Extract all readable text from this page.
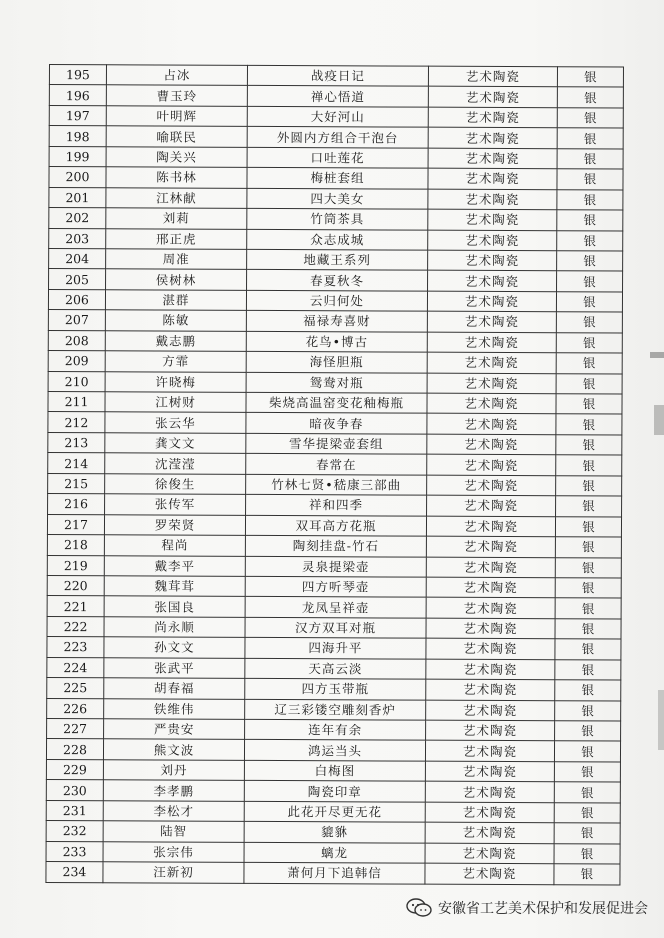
195	占冰	战疫日记	艺术陶瓷	银
196	曹玉玲	禅心悟道	艺术陶瓷	银
197	叶明辉	大好河山	艺术陶瓷	银
198	喻联民	外圆内方组合干泡台	艺术陶瓷	银
199	陶关兴	口吐莲花	艺术陶瓷	银
200	陈书林	梅桩套组	艺术陶瓷	银
201	江林献	四大美女	艺术陶瓷	银
202	刘莉	竹筒茶具	艺术陶瓷	银
203	邢正虎	众志成城	艺术陶瓷	银
204	周准	地藏王系列	艺术陶瓷	银
205	侯树林	春夏秋冬	艺术陶瓷	银
206	湛群	云归何处	艺术陶瓷	银
207	陈敏	福禄寿喜财	艺术陶瓷	银
208	戴志鹏	花鸟•博古	艺术陶瓷	银
209	方霏	海怪胆瓶	艺术陶瓷	银
210	许晓梅	鸳鸯对瓶	艺术陶瓷	银
211	江树财	柴烧高温窑变花釉梅瓶	艺术陶瓷	银
212	张云华	暗夜争春	艺术陶瓷	银
213	龚文文	雪华提梁壶套组	艺术陶瓷	银
214	沈滢滢	春常在	艺术陶瓷	银
215	徐俊生	竹林七贤•嵇康三部曲	艺术陶瓷	银
216	张传军	祥和四季	艺术陶瓷	银
217	罗荣贤	双耳高方花瓶	艺术陶瓷	银
218	程尚	陶刻挂盘-竹石	艺术陶瓷	银
219	戴李平	灵泉提梁壶	艺术陶瓷	银
220	魏茸茸	四方听琴壶	艺术陶瓷	银
221	张国良	龙凤呈祥壶	艺术陶瓷	银
222	尚永顺	汉方双耳对瓶	艺术陶瓷	银
223	孙文文	四海升平	艺术陶瓷	银
224	张武平	天高云淡	艺术陶瓷	银
225	胡春福	四方玉带瓶	艺术陶瓷	银
226	铁维伟	辽三彩镂空雕刻香炉	艺术陶瓷	银
227	严贵安	连年有余	艺术陶瓷	银
228	熊文波	鸿运当头	艺术陶瓷	银
229	刘丹	白梅图	艺术陶瓷	银
230	李孝鹏	陶瓷印章	艺术陶瓷	银
231	李松才	此花开尽更无花	艺术陶瓷	银
232	陆智	貔貅	艺术陶瓷	银
233	张宗伟	螭龙	艺术陶瓷	银
234	汪新初	萧何月下追韩信	艺术陶瓷	银
安徽省工艺美术保护和发展促进会
